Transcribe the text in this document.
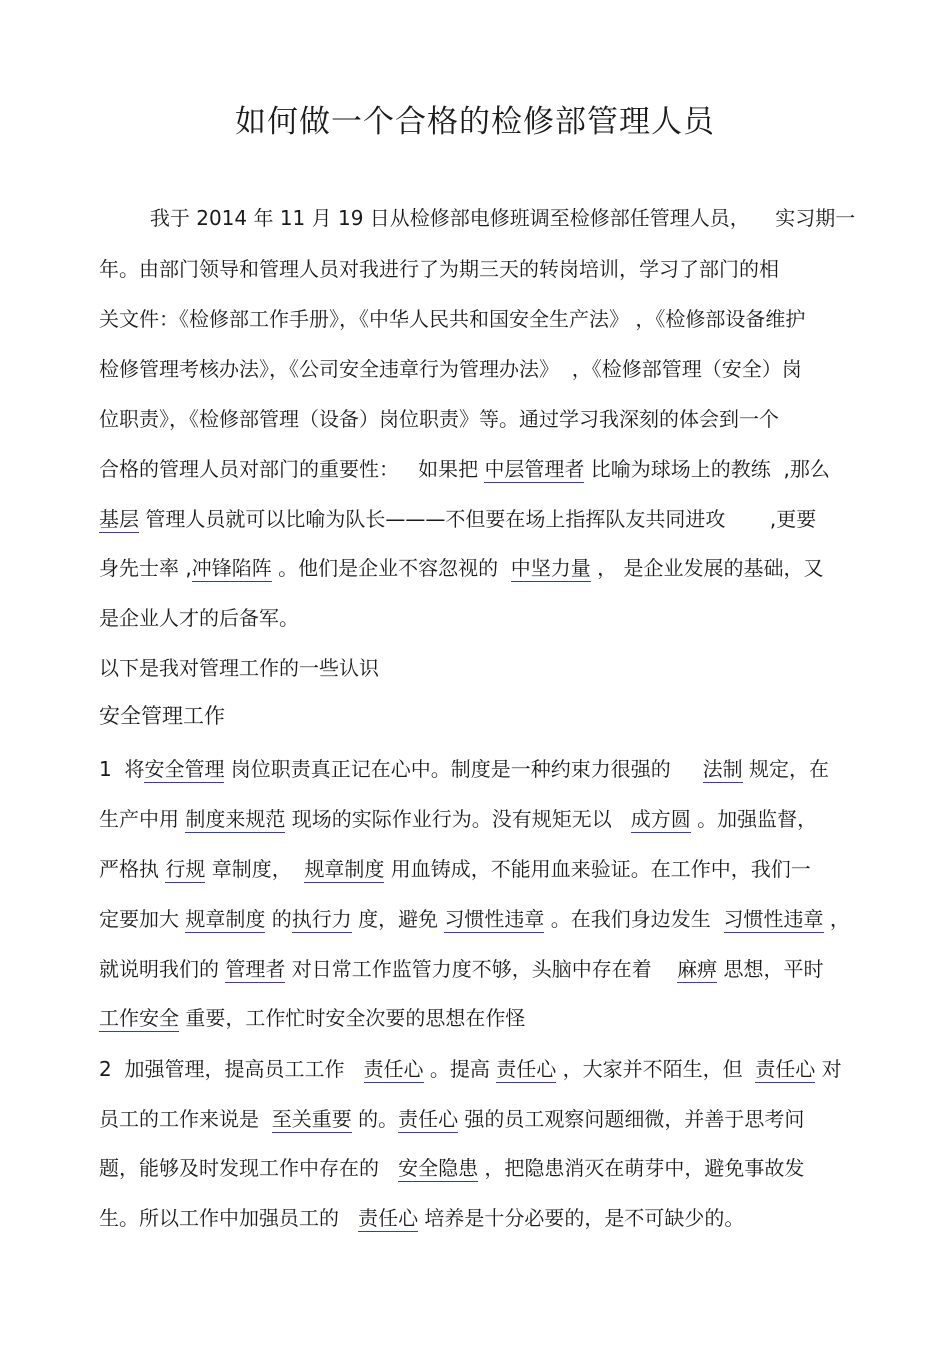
如何做一个合格的检修部管理人员
我于 2014 年 11 月 19 日从检修部电修班调至检修部任管理人员，    实习期一
年。由部门领导和管理人员对我进行了为期三天的转岗培训，学习了部门的相
关文件：《检修部工作手册》，《中华人民共和国安全生产法》 ，《检修部设备维护
检修管理考核办法》，《公司安全违章行为管理办法》  ，《检修部管理（安全）岗
位职责》，《检修部管理（设备）岗位职责》等。通过学习我深刻的体会到一个
合格的管理人员对部门的重要性：   如果把 中层管理者 比喻为球场上的教练  ,那么
基层 管理人员就可以比喻为队长———不但要在场上指挥队友共同进攻       ,更要
身先士率 ,冲锋陷阵 。他们是企业不容忽视的  中坚力量 ， 是企业发展的基础，又
是企业人才的后备军。
以下是我对管理工作的一些认识
安全管理工作
1  将安全管理 岗位职责真正记在心中。制度是一种约束力很强的     法制 规定，在
生产中用 制度来规范 现场的实际作业行为。没有规矩无以   成方圆 。加强监督，
严格执 行规 章制度，  规章制度 用血铸成，不能用血来验证。在工作中，我们一
定要加大 规章制度 的执行力 度，避免 习惯性违章 。在我们身边发生  习惯性违章 ，
就说明我们的 管理者 对日常工作监管力度不够，头脑中存在着    麻痹 思想，平时
工作安全 重要，工作忙时安全次要的思想在作怪
2  加强管理，提高员工工作   责任心 。提高 责任心 ，大家并不陌生，但  责任心 对
员工的工作来说是  至关重要 的。责任心 强的员工观察问题细微，并善于思考问
题，能够及时发现工作中存在的   安全隐患 ，把隐患消灭在萌芽中，避免事故发
生。所以工作中加强员工的   责任心 培养是十分必要的，是不可缺少的。
